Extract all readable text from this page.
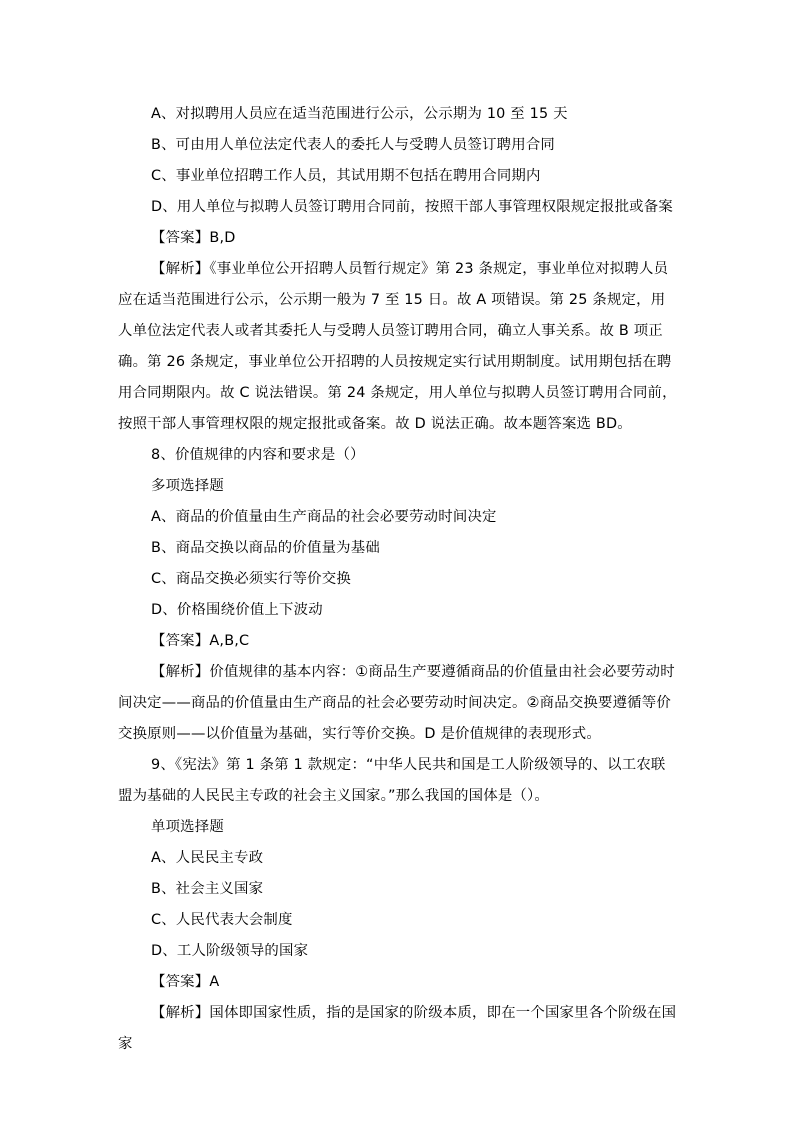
A、对拟聘用人员应在适当范围进行公示，公示期为 10 至 15 天

B、可由用人单位法定代表人的委托人与受聘人员签订聘用合同

C、事业单位招聘工作人员，其试用期不包括在聘用合同期内

D、用人单位与拟聘人员签订聘用合同前，按照干部人事管理权限规定报批或备案

【答案】B,D

【解析】《事业单位公开招聘人员暂行规定》第 23 条规定，事业单位对拟聘人员应在适当范围进行公示，公示期一般为 7 至 15 日。故 A 项错误。第 25 条规定，用人单位法定代表人或者其委托人与受聘人员签订聘用合同，确立人事关系。故 B 项正确。第 26 条规定，事业单位公开招聘的人员按规定实行试用期制度。试用期包括在聘用合同期限内。故 C 说法错误。第 24 条规定，用人单位与拟聘人员签订聘用合同前，按照干部人事管理权限的规定报批或备案。故 D 说法正确。故本题答案选 BD。

8、价值规律的内容和要求是（）

多项选择题

A、商品的价值量由生产商品的社会必要劳动时间决定

B、商品交换以商品的价值量为基础

C、商品交换必须实行等价交换

D、价格围绕价值上下波动

【答案】A,B,C

【解析】价值规律的基本内容：①商品生产要遵循商品的价值量由社会必要劳动时间决定——商品的价值量由生产商品的社会必要劳动时间决定。②商品交换要遵循等价交换原则——以价值量为基础，实行等价交换。D 是价值规律的表现形式。

9、《宪法》第 1 条第 1 款规定：“中华人民共和国是工人阶级领导的、以工农联盟为基础的人民民主专政的社会主义国家。”那么我国的国体是（）。

单项选择题

A、人民民主专政

B、社会主义国家

C、人民代表大会制度

D、工人阶级领导的国家

【答案】A

【解析】国体即国家性质，指的是国家的阶级本质，即在一个国家里各个阶级在国家
